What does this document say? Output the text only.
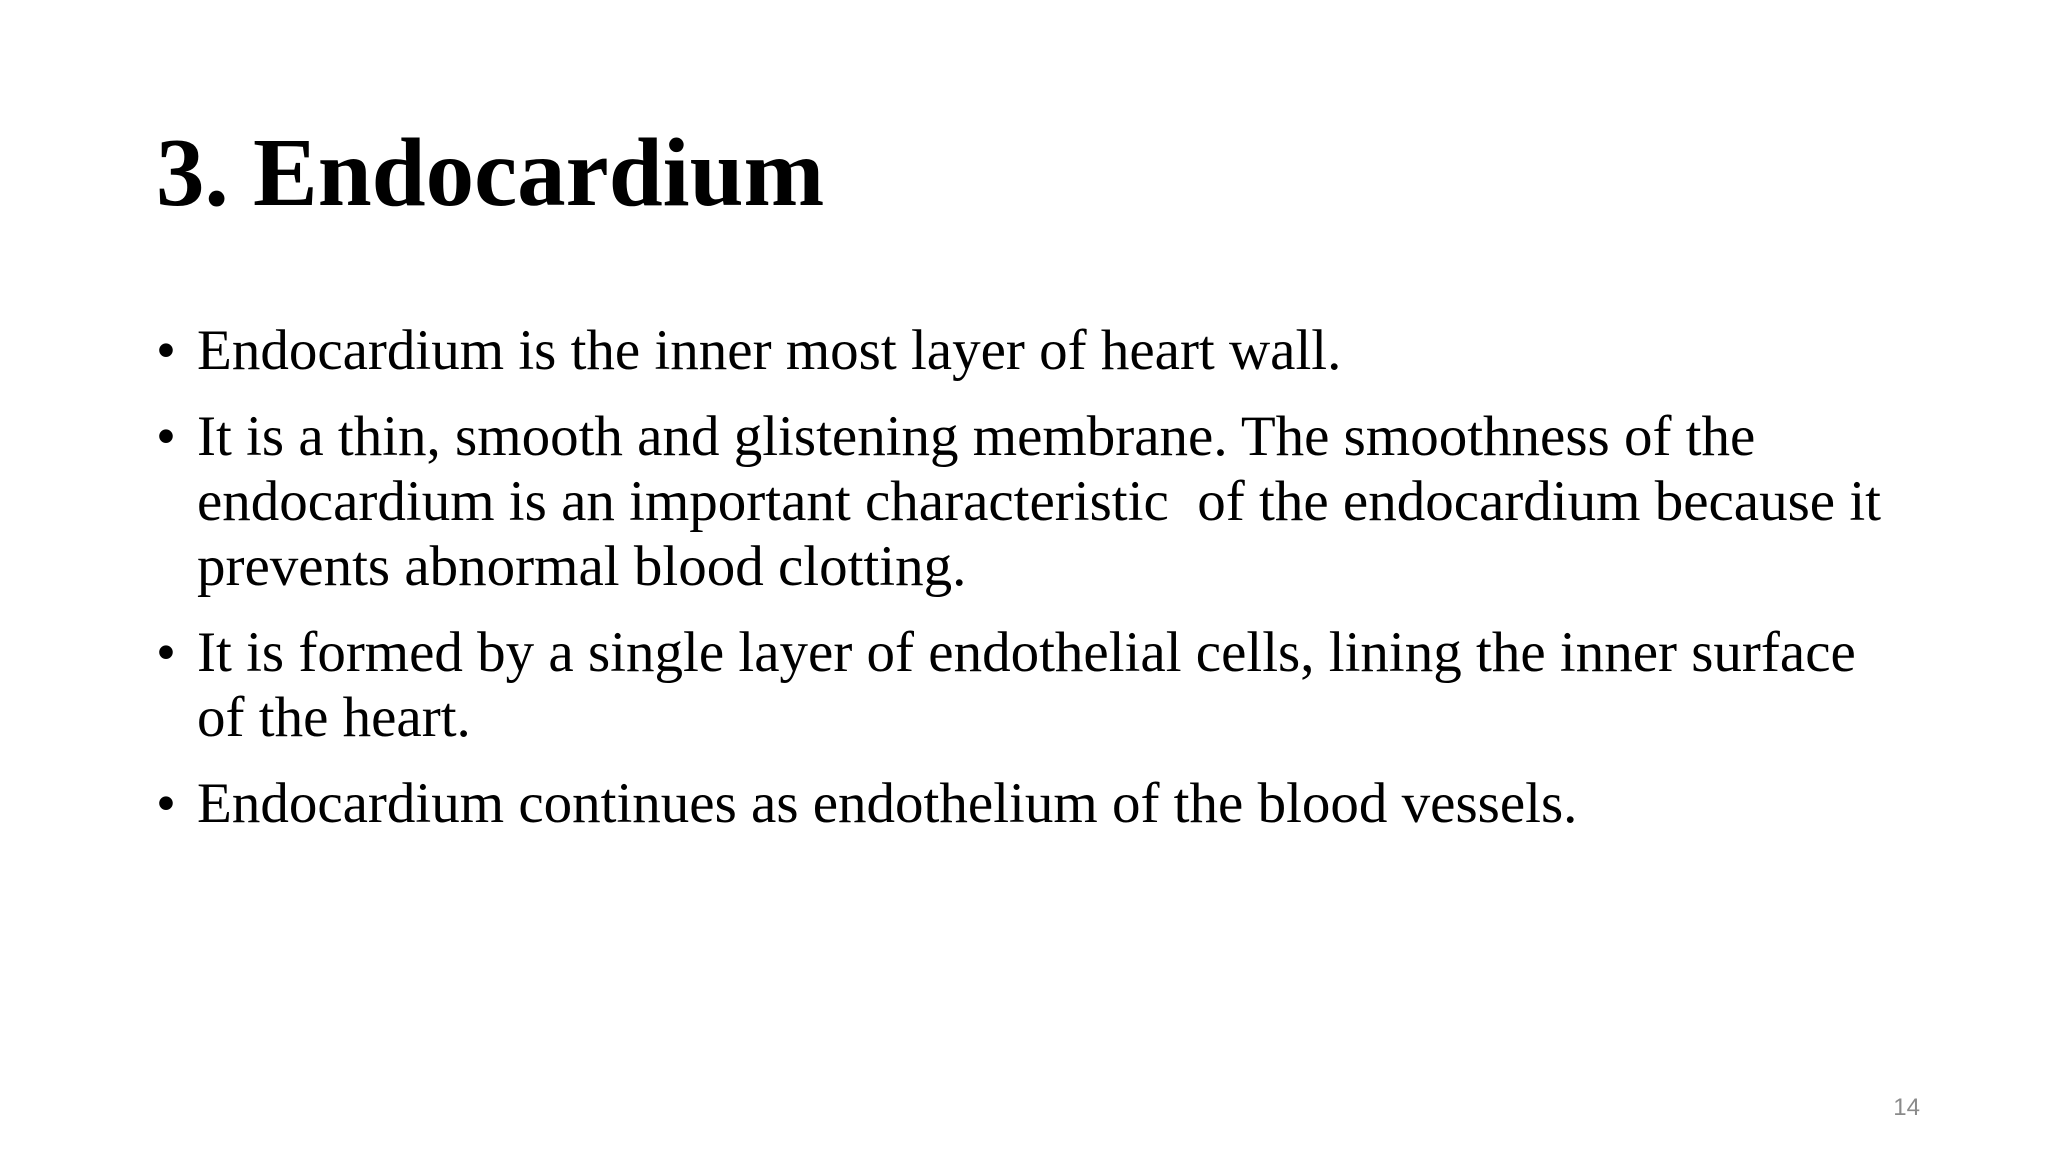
3. Endocardium
• Endocardium is the inner most layer of heart wall.
• It is a thin, smooth and glistening membrane. The smoothness of the endocardium is an important characteristic  of the endocardium because it prevents abnormal blood clotting.
• It is formed by a single layer of endothelial cells, lining the inner surface of the heart.
• Endocardium continues as endothelium of the blood vessels.
14
